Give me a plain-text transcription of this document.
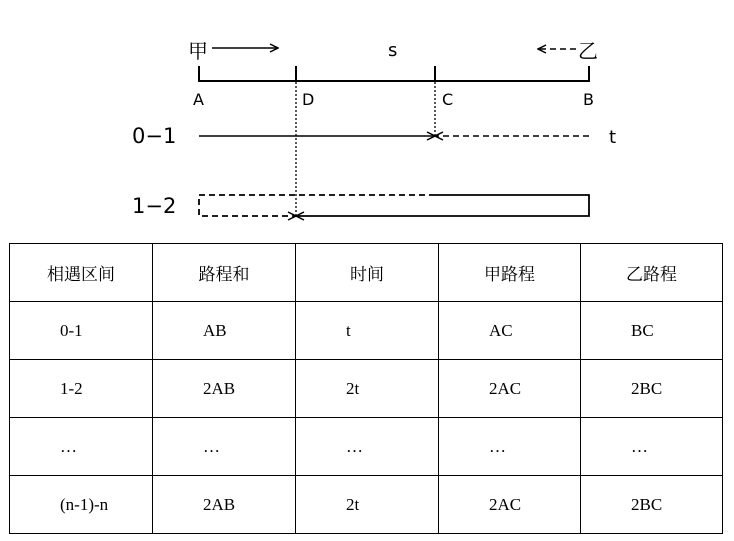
甲	s	乙
A	D	C	B
0−1	t
1−2
相遇区间	路程和	时间	甲路程	乙路程
0-1	AB	t	AC	BC
1-2	2AB	2t	2AC	2BC
…	…	…	…	…
(n-1)-n	2AB	2t	2AC	2BC
